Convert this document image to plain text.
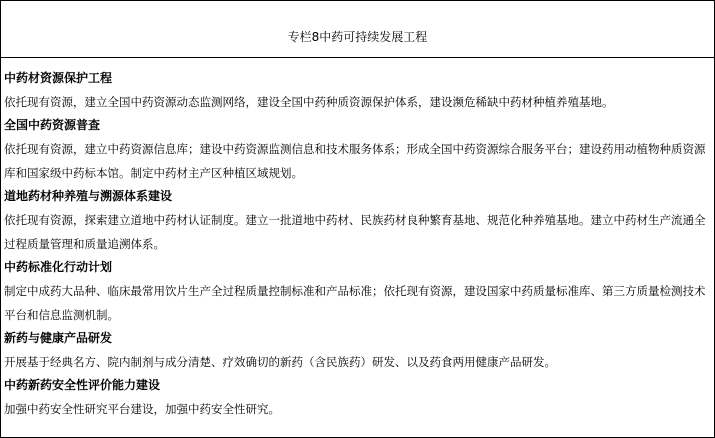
专栏8中药可持续发展工程

中药材资源保护工程

依托现有资源，建立全国中药资源动态监测网络，建设全国中药种质资源保护体系，建设濒危稀缺中药材种植养殖基地。

全国中药资源普查

依托现有资源，建立中药资源信息库；建设中药资源监测信息和技术服务体系；形成全国中药资源综合服务平台；建设药用动植物种质资源库和国家级中药标本馆。制定中药材主产区种植区域规划。

道地药材种养殖与溯源体系建设

依托现有资源，探索建立道地中药材认证制度。建立一批道地中药材、民族药材良种繁育基地、规范化种养殖基地。建立中药材生产流通全过程质量管理和质量追溯体系。

中药标准化行动计划

制定中成药大品种、临床最常用饮片生产全过程质量控制标准和产品标准；依托现有资源，建设国家中药质量标准库、第三方质量检测技术平台和信息监测机制。

新药与健康产品研发

开展基于经典名方、院内制剂与成分清楚、疗效确切的新药（含民族药）研发、以及药食两用健康产品研发。

中药新药安全性评价能力建设

加强中药安全性研究平台建设，加强中药安全性研究。
